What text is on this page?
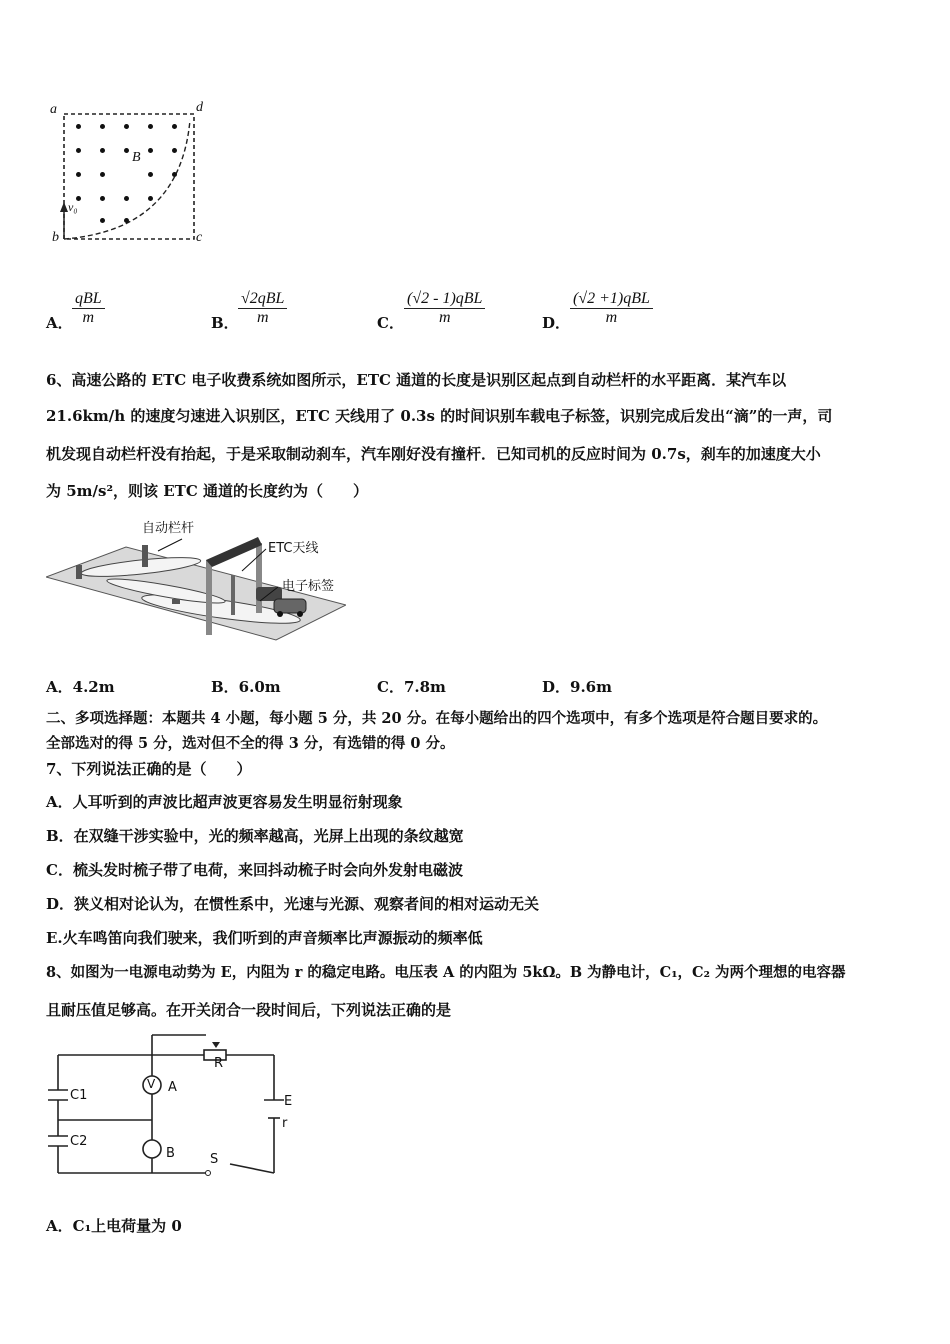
a	d
b	c
B
v₀
A．
qBL
m	B．
√2qBL
m	C．
(√2 - 1)qBL
m	D．
(√2 +1)qBL
m
6、高速公路的 ETC 电子收费系统如图所示，ETC 通道的长度是识别区起点到自动栏杆的水平距离．某汽车以
21.6km/h 的速度匀速进入识别区，ETC 天线用了 0.3s 的时间识别车载电子标签，识别完成后发出“滴”的一声，司
机发现自动栏杆没有抬起，于是采取制动刹车，汽车刚好没有撞杆．已知司机的反应时间为 0.7s，刹车的加速度大小
为 5m/s²，则该 ETC 通道的长度约为（　　）
自动栏杆
ETC天线
电子标签
A．4.2m	B．6.0m	C．7.8m	D．9.6m
二、多项选择题：本题共 4 小题，每小题 5 分，共 20 分。在每小题给出的四个选项中，有多个选项是符合题目要求的。
全部选对的得 5 分，选对但不全的得 3 分，有选错的得 0 分。
7、下列说法正确的是（　　）
A．人耳听到的声波比超声波更容易发生明显衍射现象
B．在双缝干涉实验中，光的频率越高，光屏上出现的条纹越宽
C．梳头发时梳子带了电荷，来回抖动梳子时会向外发射电磁波
D．狭义相对论认为，在惯性系中，光速与光源、观察者间的相对运动无关
E.火车鸣笛向我们驶来，我们听到的声音频率比声源振动的频率低
8、如图为一电源电动势为 E，内阻为 r 的稳定电路。电压表 A 的内阻为 5kΩ。B 为静电计，C₁，C₂ 为两个理想的电容器
且耐压值足够高。在开关闭合一段时间后，下列说法正确的是
V A
B
C1
C2
R
E
r
S
A．C₁上电荷量为 0
